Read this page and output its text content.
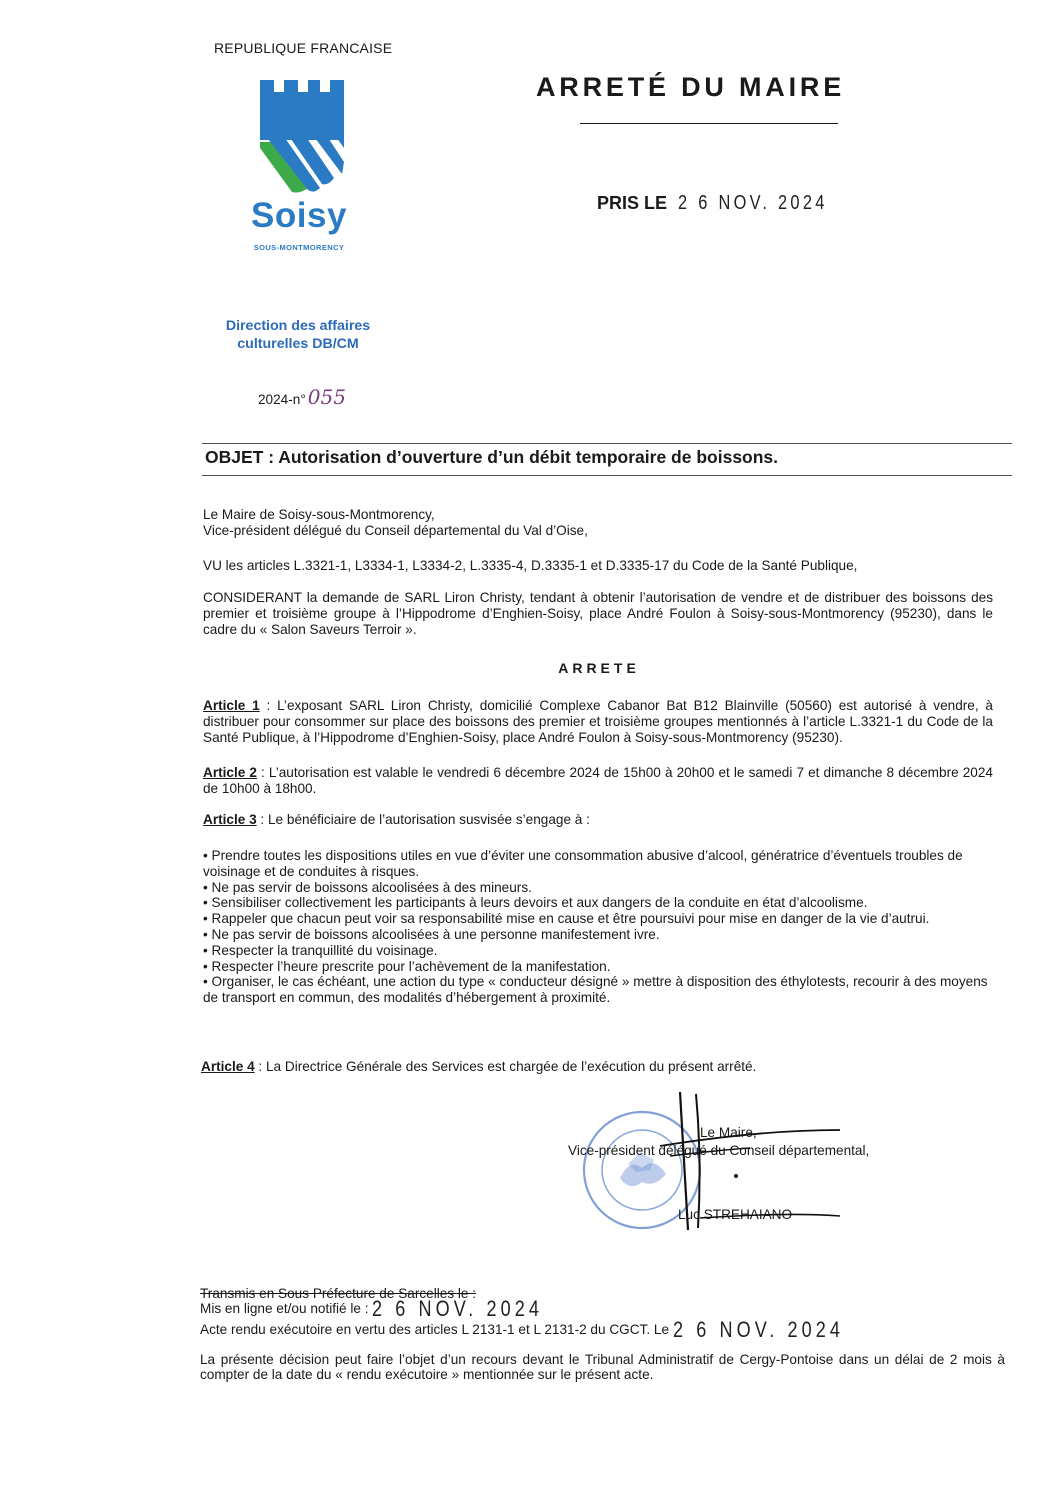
REPUBLIQUE FRANCAISE
Soisy
SOUS-MONTMORENCY
ARRETÉ DU MAIRE
PRIS LE 2 6 NOV. 2024
Direction des affaires culturelles DB/CM
2024-n° 055
OBJET : Autorisation d’ouverture d’un débit temporaire de boissons.
Le Maire de Soisy-sous-Montmorency,
Vice-président délégué du Conseil départemental du Val d’Oise,
VU les articles L.3321-1, L3334-1, L3334-2, L.3335-4, D.3335-1 et D.3335-17 du Code de la Santé Publique,
CONSIDERANT la demande de SARL Liron Christy, tendant à obtenir l’autorisation de vendre et de distribuer des boissons des premier et troisième groupe à l’Hippodrome d’Enghien-Soisy, place André Foulon à Soisy-sous-Montmorency (95230), dans le cadre du « Salon Saveurs Terroir ».
ARRETE
Article 1 : L’exposant SARL Liron Christy, domicilié Complexe Cabanor Bat B12 Blainville (50560) est autorisé à vendre, à distribuer pour consommer sur place des boissons des premier et troisième groupes mentionnés à l’article L.3321-1 du Code de la Santé Publique, à l’Hippodrome d’Enghien-Soisy, place André Foulon à Soisy-sous-Montmorency (95230).
Article 2 : L’autorisation est valable le vendredi 6 décembre 2024 de 15h00 à 20h00 et le samedi 7 et dimanche 8 décembre 2024 de 10h00 à 18h00.
Article 3 : Le bénéficiaire de l’autorisation susvisée s’engage à :
• Prendre toutes les dispositions utiles en vue d’éviter une consommation abusive d’alcool, génératrice d’éventuels troubles de voisinage et de conduites à risques.
• Ne pas servir de boissons alcoolisées à des mineurs.
• Sensibiliser collectivement les participants à leurs devoirs et aux dangers de la conduite en état d’alcoolisme.
• Rappeler que chacun peut voir sa responsabilité mise en cause et être poursuivi pour mise en danger de la vie d’autrui.
• Ne pas servir de boissons alcoolisées à une personne manifestement ivre.
• Respecter la tranquillité du voisinage.
• Respecter l’heure prescrite pour l’achèvement de la manifestation.
• Organiser, le cas échéant, une action du type « conducteur désigné » mettre à disposition des éthylotests, recourir à des moyens de transport en commun, des modalités d’hébergement à proximité.
Article 4 : La Directrice Générale des Services est chargée de l’exécution du présent arrêté.
Le Maire,
Vice-président délégué du Conseil départemental,
Luc STREHAIANO
Transmis en Sous Préfecture de Sarcelles le :
Mis en ligne et/ou notifié le : 2 6 NOV. 2024
Acte rendu exécutoire en vertu des articles L 2131-1 et L 2131-2 du CGCT. Le 2 6 NOV. 2024
La présente décision peut faire l’objet d’un recours devant le Tribunal Administratif de Cergy-Pontoise dans un délai de 2 mois à compter de la date du « rendu exécutoire » mentionnée sur le présent acte.
